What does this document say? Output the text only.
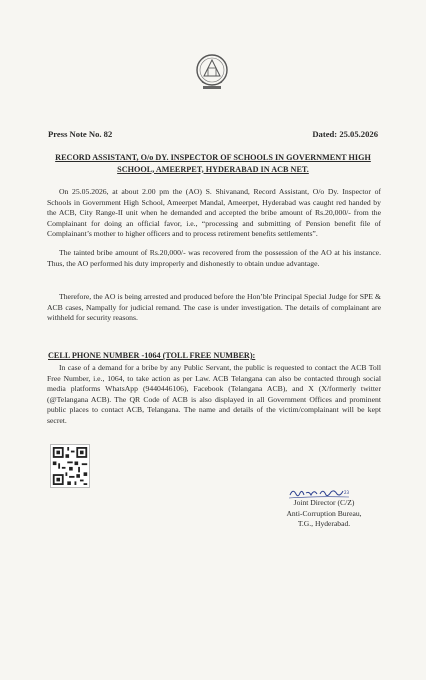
Press Note No. 82	Dated: 25.05.2026
RECORD ASSISTANT, O/o DY. INSPECTOR OF SCHOOLS IN GOVERNMENT HIGH SCHOOL, AMEERPET, HYDERABAD IN ACB NET.

On 25.05.2026, at about 2.00 pm the (AO) S. Shivanand, Record Assistant, O/o Dy. Inspector of Schools in Government High School, Ameerpet Mandal, Ameerpet, Hyderabad was caught red handed by the ACB, City Range-II unit when he demanded and accepted the bribe amount of Rs.20,000/- from the Complainant for doing an official favor, i.e., “processing and submitting of Pension benefit file of Complainant’s mother to higher officers and to process retirement benefits settlements”.

The tainted bribe amount of Rs.20,000/- was recovered from the possession of the AO at his instance. Thus, the AO performed his duty improperly and dishonestly to obtain undue advantage.

Therefore, the AO is being arrested and produced before the Hon’ble Principal Special Judge for SPE & ACB cases, Nampally for judicial remand. The case is under investigation. The details of complainant are withheld for security reasons.

CELL PHONE NUMBER -1064 (TOLL FREE NUMBER):

In case of a demand for a bribe by any Public Servant, the public is requested to contact the ACB Toll Free Number, i.e., 1064, to take action as per Law. ACB Telangana can also be contacted through social media platforms WhatsApp (9440446106), Facebook (Telangana ACB), and X (X/formerly twitter (@Telangana ACB). The QR Code of ACB is also displayed in all Government Offices and prominent public places to contact ACB, Telangana. The name and details of the victim/complainant will be kept secret.

23
Joint Director (C/Z)
Anti-Corruption Bureau,
T.G., Hyderabad.
